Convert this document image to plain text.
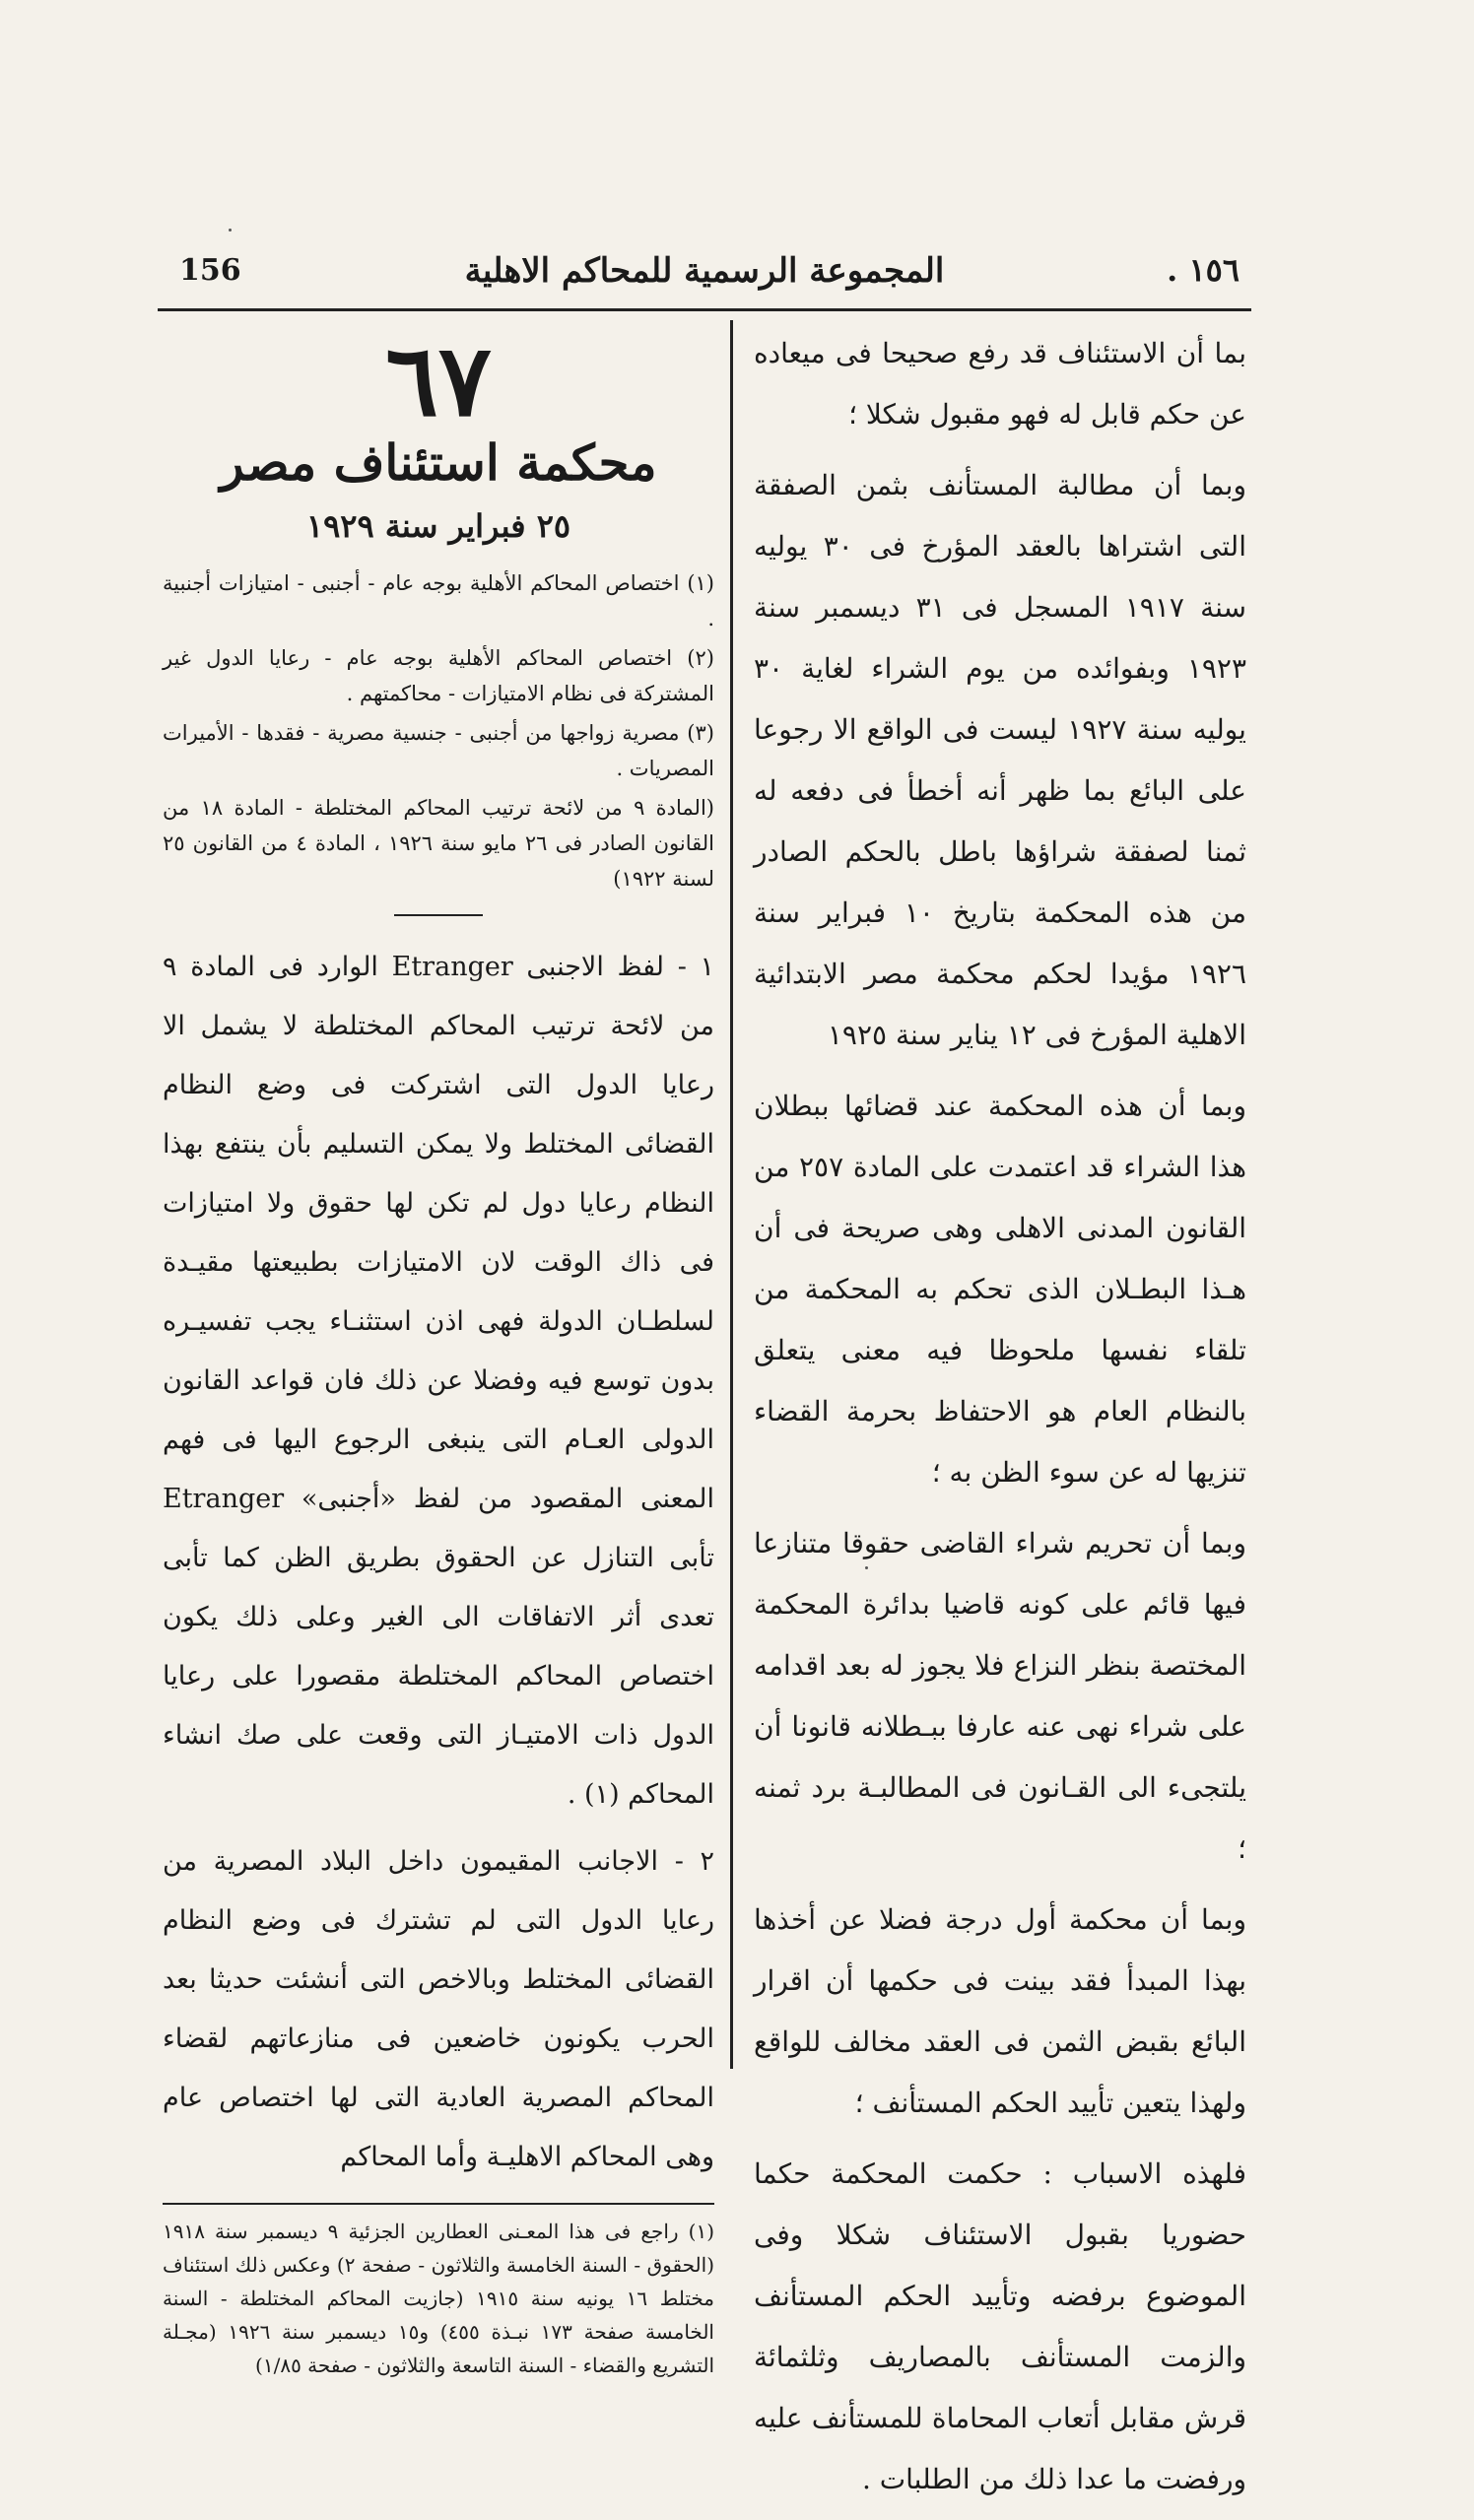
156	المجموعة الرسمية للمحاكم الاهلية	١٥٦ .

بما أن الاستئناف قد رفع صحيحا فى ميعاده عن حكم قابل له فهو مقبول شكلا ؛

وبما أن مطالبة المستأنف بثمن الصفقة التى اشتراها بالعقد المؤرخ فى ٣٠ يوليه سنة ١٩١٧ المسجل فى ٣١ ديسمبر سنة ١٩٢٣ وبفوائده من يوم الشراء لغاية ٣٠ يوليه سنة ١٩٢٧ ليست فى الواقع الا رجوعا على البائع بما ظهر أنه أخطأ فى دفعه له ثمنا لصفقة شراؤها باطل بالحكم الصادر من هذه المحكمة بتاريخ ١٠ فبراير سنة ١٩٢٦ مؤيدا لحكم محكمة مصر الابتدائية الاهلية المؤرخ فى ١٢ يناير سنة ١٩٢٥

وبما أن هذه المحكمة عند قضائها ببطلان هذا الشراء قد اعتمدت على المادة ٢٥٧ من القانون المدنى الاهلى وهى صريحة فى أن هـذا البطـلان الذى تحكم به المحكمة من تلقاء نفسها ملحوظا فيه معنى يتعلق بالنظام العام هو الاحتفاظ بحرمة القضاء تنزيها له عن سوء الظن به ؛

وبما أن تحريم شراء القاضى حقوقا متنازعا فيها قائم على كونه قاضيا بدائرة المحكمة المختصة بنظر النزاع فلا يجوز له بعد اقدامه على شراء نهى عنه عارفا ببـطلانه قانونا أن يلتجىء الى القـانون فى المطالبـة برد ثمنه ؛

وبما أن محكمة أول درجة فضلا عن أخذها بهذا المبدأ فقد بينت فى حكمها أن اقرار البائع بقبض الثمن فى العقد مخالف للواقع ولهذا يتعين تأييد الحكم المستأنف ؛

فلهذه الاسباب : حكمت المحكمة حكما حضوريا بقبول الاستئناف شكلا وفى الموضوع برفضه وتأييد الحكم المستأنف والزمت المستأنف بالمصاريف وثلثمائة قرش مقابل أتعاب المحاماة للمستأنف عليه ورفضت ما عدا ذلك من الطلبات .

٦٧
محكمة استئناف مصر
٢٥ فبراير سنة ١٩٢٩

(١) اختصاص المحاكم الأهلية بوجه عام - أجنبى - امتيازات أجنبية .

(٢) اختصاص المحاكم الأهلية بوجه عام - رعايا الدول غير المشتركة فى نظام الامتيازات - محاكمتهم .

(٣) مصرية زواجها من أجنبى - جنسية مصرية - فقدها - الأميرات المصريات .

(المادة ٩ من لائحة ترتيب المحاكم المختلطة - المادة ١٨ من القانون الصادر فى ٢٦ مايو سنة ١٩٢٦ ، المادة ٤ من القانون ٢٥ لسنة ١٩٢٢)

١ - لفظ الاجنبى Etranger الوارد فى المادة ٩ من لائحة ترتيب المحاكم المختلطة لا يشمل الا رعايا الدول التى اشتركت فى وضع النظام القضائى المختلط ولا يمكن التسليم بأن ينتفع بهذا النظام رعايا دول لم تكن لها حقوق ولا امتيازات فى ذاك الوقت لان الامتيازات بطبيعتها مقيـدة لسلطـان الدولة فهى اذن استثنـاء يجب تفسيـره بدون توسع فيه وفضلا عن ذلك فان قواعد القانون الدولى العـام التى ينبغى الرجوع اليها فى فهم المعنى المقصود من لفظ «أجنبى» Etranger تأبى التنازل عن الحقوق بطريق الظن كما تأبى تعدى أثر الاتفاقات الى الغير وعلى ذلك يكون اختصاص المحاكم المختلطة مقصورا على رعايا الدول ذات الامتيـاز التى وقعت على صك انشاء المحاكم (١) .

٢ - الاجانب المقيمون داخل البلاد المصرية من رعايا الدول التى لم تشترك فى وضع النظام القضائى المختلط وبالاخص التى أنشئت حديثا بعد الحرب يكونون خاضعين فى منازعاتهم لقضاء المحاكم المصرية العادية التى لها اختصاص عام وهى المحاكم الاهليـة وأما المحاكم

(١) راجع فى هذا المعـنى العطارين الجزئية ٩ ديسمبر سنة ١٩١٨ (الحقوق - السنة الخامسة والثلاثون - صفحة ٢) وعكس ذلك استئناف مختلط ١٦ يونيه سنة ١٩١٥ (جازيت المحاكم المختلطة - السنة الخامسة صفحة ١٧٣ نبـذة ٤٥٥) و١٥ ديسمبر سنة ١٩٢٦ (مجـلة التشريع والقضاء - السنة التاسعة والثلاثون - صفحة ١/٨٥)
